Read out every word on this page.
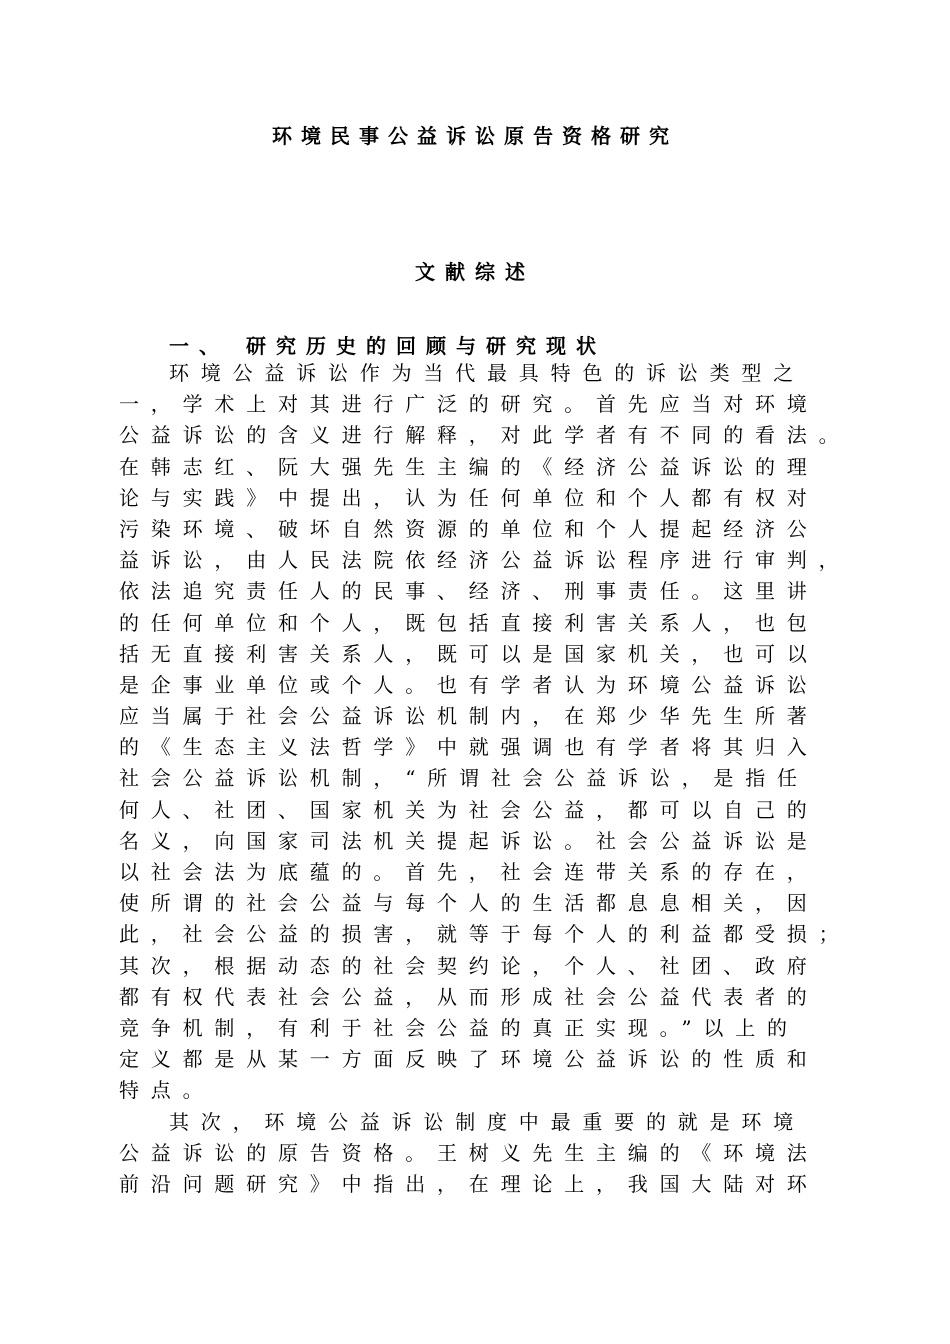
环境民事公益诉讼原告资格研究
文献综述
一、 研究历史的回顾与研究现状
环境公益诉讼作为当代最具特色的诉讼类型之
一，学术上对其进行广泛的研究。首先应当对环境
公益诉讼的含义进行解释，对此学者有不同的看法。
在韩志红、阮大强先生主编的《经济公益诉讼的理
论与实践》中提出，认为任何单位和个人都有权对
污染环境、破坏自然资源的单位和个人提起经济公
益诉讼，由人民法院依经济公益诉讼程序进行审判，
依法追究责任人的民事、经济、刑事责任。这里讲
的任何单位和个人，既包括直接利害关系人，也包
括无直接利害关系人，既可以是国家机关，也可以
是企事业单位或个人。也有学者认为环境公益诉讼
应当属于社会公益诉讼机制内，在郑少华先生所著
的《生态主义法哲学》中就强调也有学者将其归入
社会公益诉讼机制，“所谓社会公益诉讼，是指任
何人、社团、国家机关为社会公益，都可以自己的
名义，向国家司法机关提起诉讼。社会公益诉讼是
以社会法为底蕴的。首先，社会连带关系的存在，
使所谓的社会公益与每个人的生活都息息相关，因
此，社会公益的损害，就等于每个人的利益都受损；
其次，根据动态的社会契约论，个人、社团、政府
都有权代表社会公益，从而形成社会公益代表者的
竞争机制，有利于社会公益的真正实现。”以上的
定义都是从某一方面反映了环境公益诉讼的性质和
特点。
其次，环境公益诉讼制度中最重要的就是环境
公益诉讼的原告资格。王树义先生主编的《环境法
前沿问题研究》中指出，在理论上，我国大陆对环
